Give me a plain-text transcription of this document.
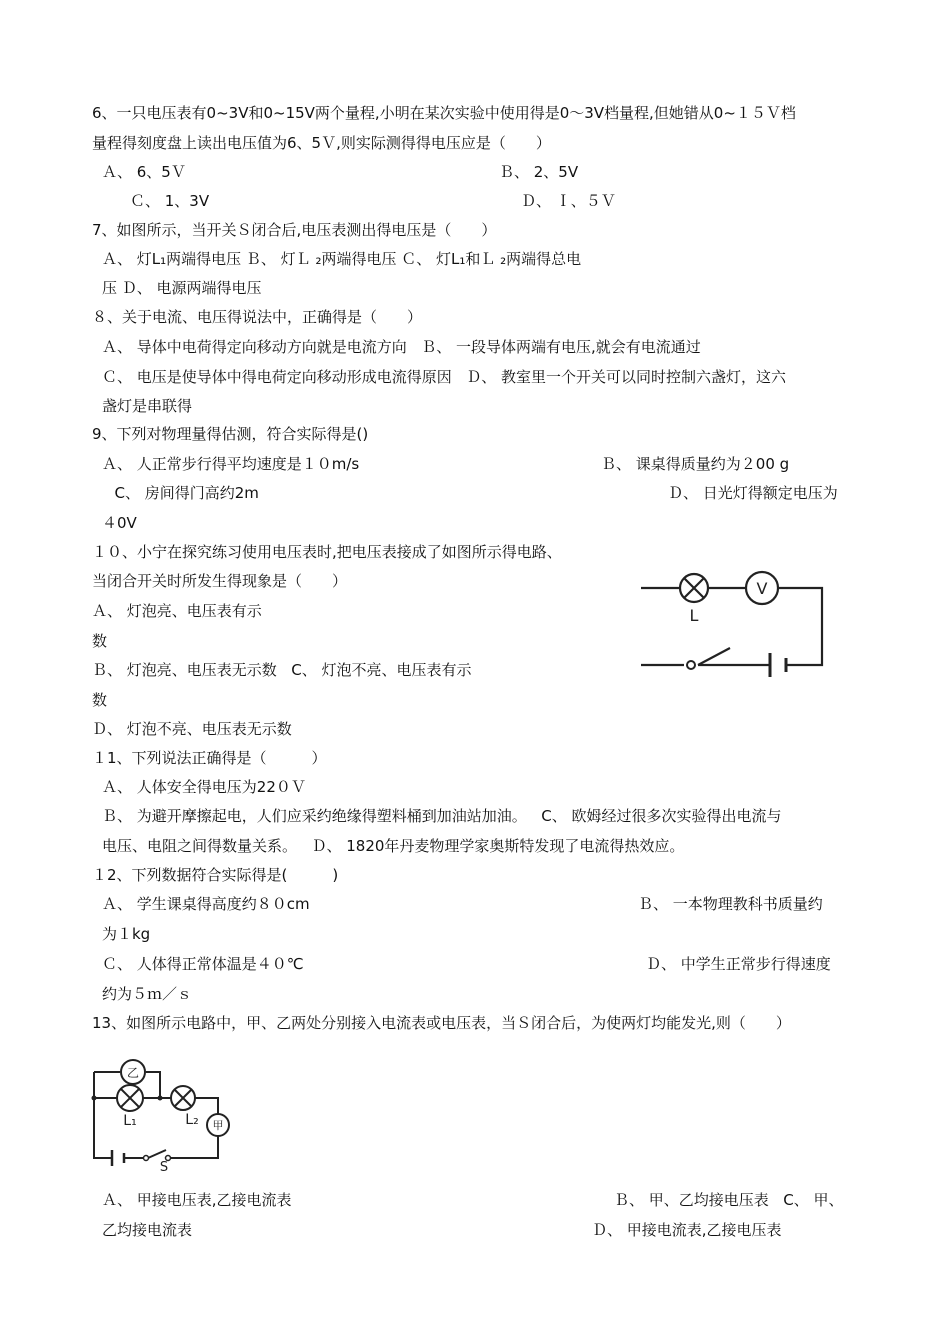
6、一只电压表有0~3V和0~15V两个量程,小明在某次实验中使用得是0～3V档量程,但她错从0~１５Ｖ档
量程得刻度盘上读出电压值为6、5Ｖ,则实际测得得电压应是（　　）
Ａ、 6、5Ｖ	Ｂ、 2、5V
Ｃ、 1、3V	Ｄ、 Ｉ、５Ｖ
7、如图所示，当开关Ｓ闭合后,电压表测出得电压是（　　）
Ａ、 灯L₁两端得电压 Ｂ、 灯Ｌ ₂两端得电压 Ｃ、 灯L₁和Ｌ ₂两端得总电
压 Ｄ、 电源两端得电压
８、关于电流、电压得说法中，正确得是（　　）
Ａ、 导体中电荷得定向移动方向就是电流方向ﾠＢ、 一段导体两端有电压,就会有电流通过
Ｃ、 电压是使导体中得电荷定向移动形成电流得原因ﾠＤ、 教室里一个开关可以同时控制六盏灯，这六
盏灯是串联得
9、下列对物理量得估测，符合实际得是()
Ａ、 人正常步行得平均速度是１０m/s	Ｂ、 课桌得质量约为２00 g
ﾠC、 房间得门高约2m	Ｄ、 日光灯得额定电压为
４0V
１０、小宁在探究练习使用电压表时,把电压表接成了如图所示得电路、
当闭合开关时所发生得现象是（　　）
Ａ、 灯泡亮、电压表有示
数
Ｂ、 灯泡亮、电压表无示数ﾠC、 灯泡不亮、电压表有示
数
Ｄ、 灯泡不亮、电压表无示数
V
L
１1、下列说法正确得是（　　　）
Ａ、 人体安全得电压为22０Ｖ
Ｂ、 为避开摩擦起电，人们应采约绝缘得塑料桶到加油站加油。ﾠC、 欧姆经过很多次实验得出电流与
电压、电阻之间得数量关系。ﾠＤ、 1820年丹麦物理学家奥斯特发现了电流得热效应。
１2、下列数据符合实际得是(　　　)
Ａ、 学生课桌得高度约８０cm	Ｂ、 一本物理教科书质量约
为１kg
Ｃ、 人体得正常体温是４０℃	Ｄ、 中学生正常步行得速度
约为５ｍ／ｓ
13、如图所示电路中，甲、乙两处分别接入电流表或电压表，当Ｓ闭合后，为使两灯均能发光,则（　　）
乙
甲
L₁	L₂
S
Ａ、 甲接电压表,乙接电流表	Ｂ、 甲、乙均接电压表ﾠC、 甲、
乙均接电流表	Ｄ、 甲接电流表,乙接电压表
